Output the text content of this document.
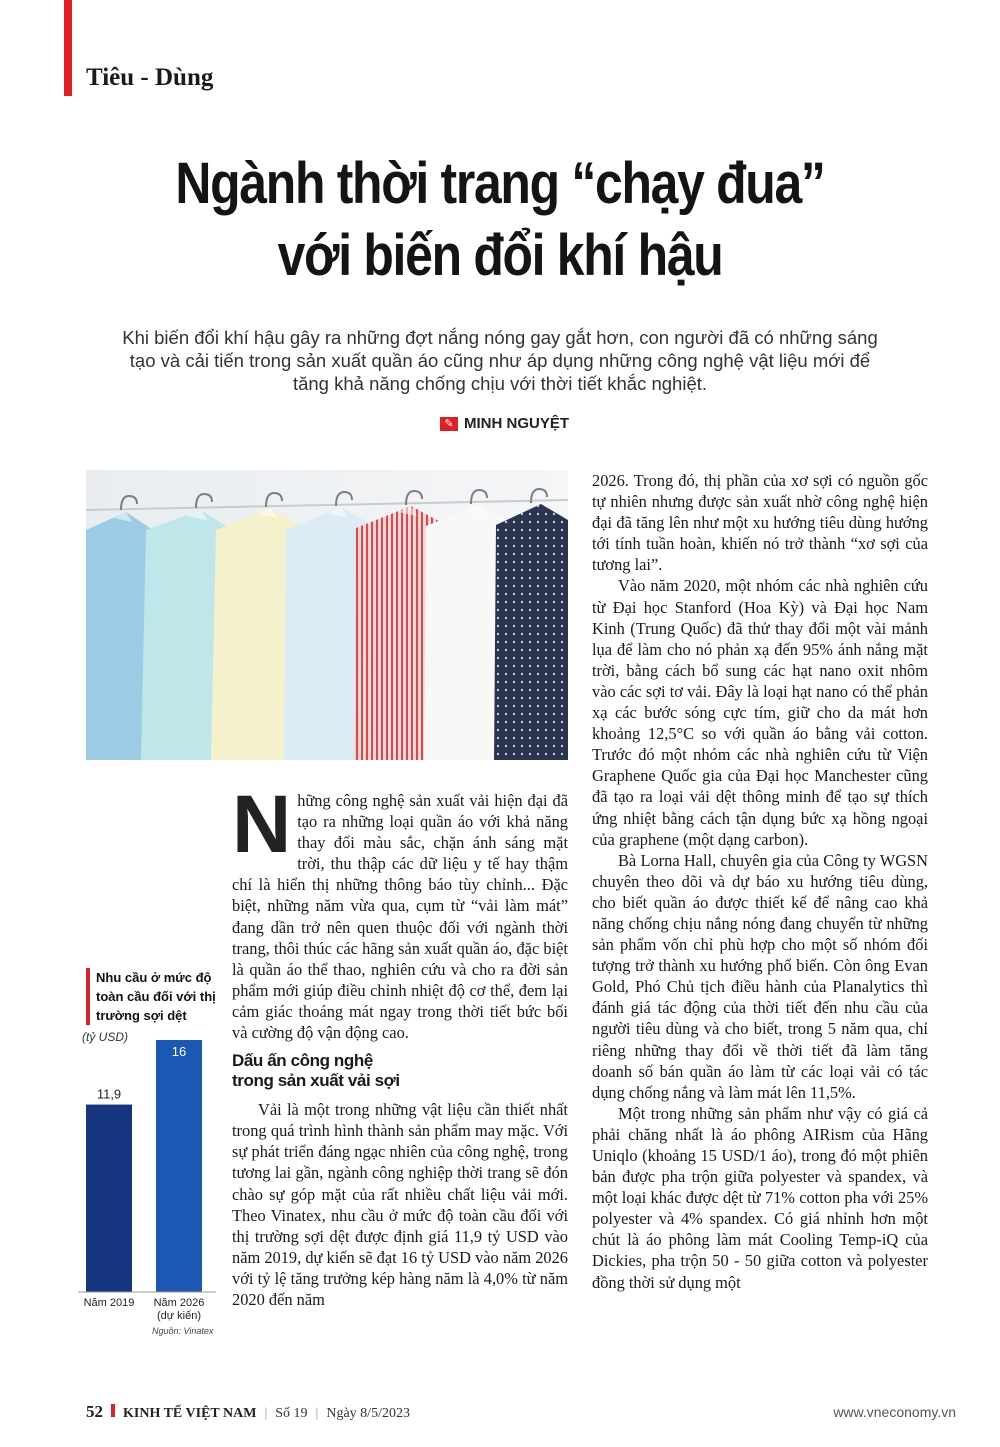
Tiêu - Dùng
Ngành thời trang “chạy đua”
với biến đổi khí hậu
Khi biến đổi khí hậu gây ra những đợt nắng nóng gay gắt hơn, con người đã có những sáng tạo và cải tiến trong sản xuất quần áo cũng như áp dụng những công nghệ vật liệu mới để tăng khả năng chống chịu với thời tiết khắc nghiệt.
✎ MINH NGUYỆT

Những công nghệ sản xuất vải hiện đại đã tạo ra những loại quần áo với khả năng thay đổi màu sắc, chặn ánh sáng mặt trời, thu thập các dữ liệu y tế hay thậm chí là hiển thị những thông báo tùy chỉnh... Đặc biệt, những năm vừa qua, cụm từ “vải làm mát” đang dần trở nên quen thuộc đối với ngành thời trang, thôi thúc các hãng sản xuất quần áo, đặc biệt là quần áo thể thao, nghiên cứu và cho ra đời sản phẩm mới giúp điều chỉnh nhiệt độ cơ thể, đem lại cảm giác thoáng mát ngay trong thời tiết bức bối và cường độ vận động cao.

Dấu ấn công nghệ
trong sản xuất vải sợi

Vải là một trong những vật liệu cần thiết nhất trong quá trình hình thành sản phẩm may mặc. Với sự phát triển đáng ngạc nhiên của công nghệ, trong tương lai gần, ngành công nghiệp thời trang sẽ đón chào sự góp mặt của rất nhiều chất liệu vải mới. Theo Vinatex, nhu cầu ở mức độ toàn cầu đối với thị trường sợi dệt được định giá 11,9 tỷ USD vào năm 2019, dự kiến sẽ đạt 16 tỷ USD vào năm 2026 với tỷ lệ tăng trưởng kép hàng năm là 4,0% từ năm 2020 đến năm

2026. Trong đó, thị phần của xơ sợi có nguồn gốc tự nhiên nhưng được sản xuất nhờ công nghệ hiện đại đã tăng lên như một xu hướng tiêu dùng hướng tới tính tuần hoàn, khiến nó trở thành “xơ sợi của tương lai”.

Vào năm 2020, một nhóm các nhà nghiên cứu từ Đại học Stanford (Hoa Kỳ) và Đại học Nam Kinh (Trung Quốc) đã thử thay đổi một vài mảnh lụa để làm cho nó phản xạ đến 95% ánh nắng mặt trời, bằng cách bổ sung các hạt nano oxit nhôm vào các sợi tơ vải. Đây là loại hạt nano có thể phản xạ các bước sóng cực tím, giữ cho da mát hơn khoảng 12,5°C so với quần áo bằng vải cotton. Trước đó một nhóm các nhà nghiên cứu từ Viện Graphene Quốc gia của Đại học Manchester cũng đã tạo ra loại vải dệt thông minh để tạo sự thích ứng nhiệt bằng cách tận dụng bức xạ hồng ngoại của graphene (một dạng carbon).

Bà Lorna Hall, chuyên gia của Công ty WGSN chuyên theo dõi và dự báo xu hướng tiêu dùng, cho biết quần áo được thiết kế để nâng cao khả năng chống chịu nắng nóng đang chuyển từ những sản phẩm vốn chỉ phù hợp cho một số nhóm đối tượng trở thành xu hướng phổ biến. Còn ông Evan Gold, Phó Chủ tịch điều hành của Planalytics thì đánh giá tác động của thời tiết đến nhu cầu của người tiêu dùng và cho biết, trong 5 năm qua, chỉ riêng những thay đổi về thời tiết đã làm tăng doanh số bán quần áo làm từ các loại vải có tác dụng chống nắng và làm mát lên 11,5%.

Một trong những sản phẩm như vậy có giá cả phải chăng nhất là áo phông AIRism của Hãng Uniqlo (khoảng 15 USD/1 áo), trong đó một phiên bản được pha trộn giữa polyester và spandex, và một loại khác được dệt từ 71% cotton pha với 25% polyester và 4% spandex. Có giá nhỉnh hơn một chút là áo phông làm mát Cooling Temp-iQ của Dickies, pha trộn 50 - 50 giữa cotton và polyester đồng thời sử dụng một

Nhu cầu ở mức độ toàn cầu đối với thị trường sợi dệt
(tỷ USD)
11,9
Năm 2019
16
Năm 2026
(dự kiến)
Nguồn: Vinatex
52 KINH TẾ VIỆT NAM | Số 19 | Ngày 8/5/2023	www.vneconomy.vn
